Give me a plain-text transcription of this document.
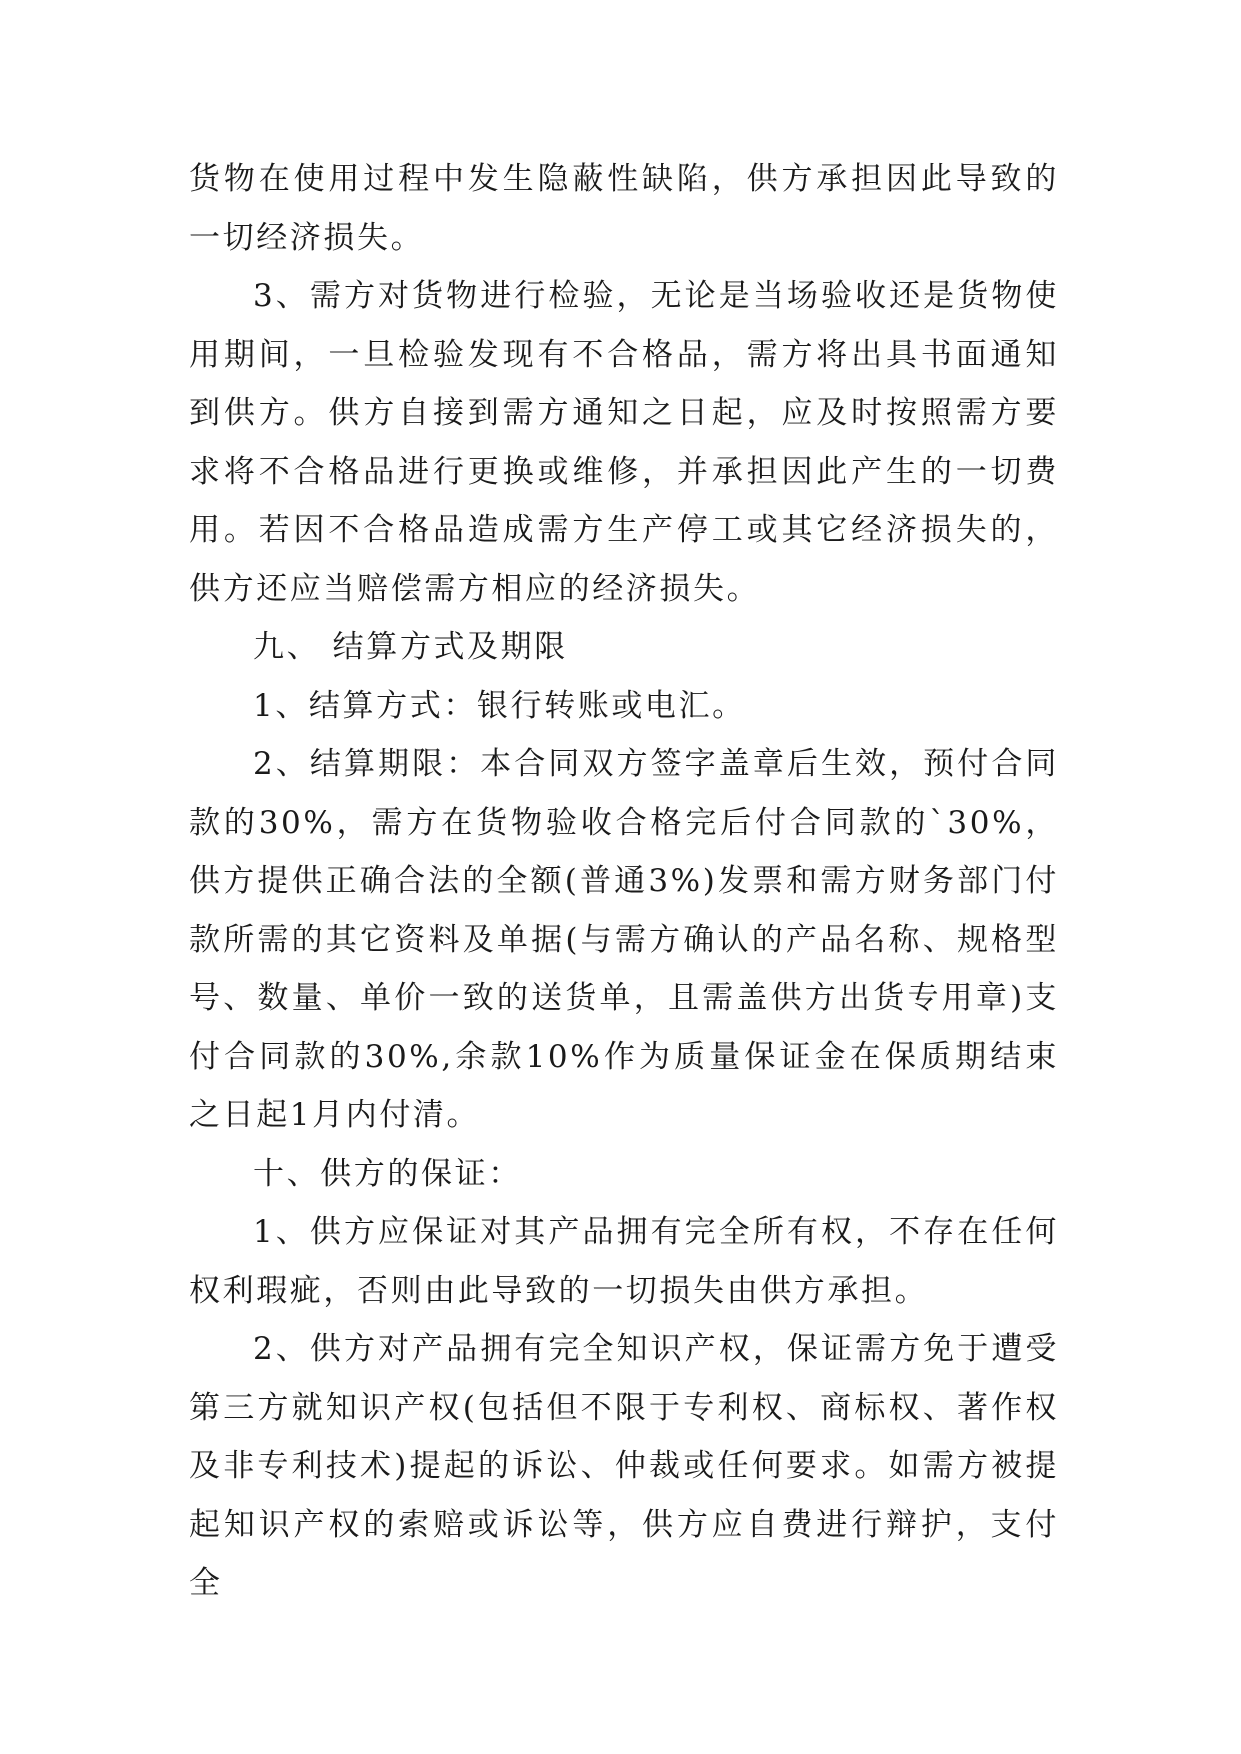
货物在使用过程中发生隐蔽性缺陷，供方承担因此导致的一切经济损失。

3、需方对货物进行检验，无论是当场验收还是货物使用期间，一旦检验发现有不合格品，需方将出具书面通知到供方。供方自接到需方通知之日起，应及时按照需方要求将不合格品进行更换或维修，并承担因此产生的一切费用。若因不合格品造成需方生产停工或其它经济损失的，供方还应当赔偿需方相应的经济损失。

九、 结算方式及期限

1、结算方式：银行转账或电汇。

2、结算期限：本合同双方签字盖章后生效，预付合同款的30%，需方在货物验收合格完后付合同款的`30%，供方提供正确合法的全额(普通3%)发票和需方财务部门付款所需的其它资料及单据(与需方确认的产品名称、规格型号、数量、单价一致的送货单，且需盖供方出货专用章)支付合同款的30%,余款10%作为质量保证金在保质期结束之日起1月内付清。

十、供方的保证：

1、供方应保证对其产品拥有完全所有权，不存在任何权利瑕疵，否则由此导致的一切损失由供方承担。

2、供方对产品拥有完全知识产权，保证需方免于遭受第三方就知识产权(包括但不限于专利权、商标权、著作权及非专利技术)提起的诉讼、仲裁或任何要求。如需方被提起知识产权的索赔或诉讼等，供方应自费进行辩护，支付全
